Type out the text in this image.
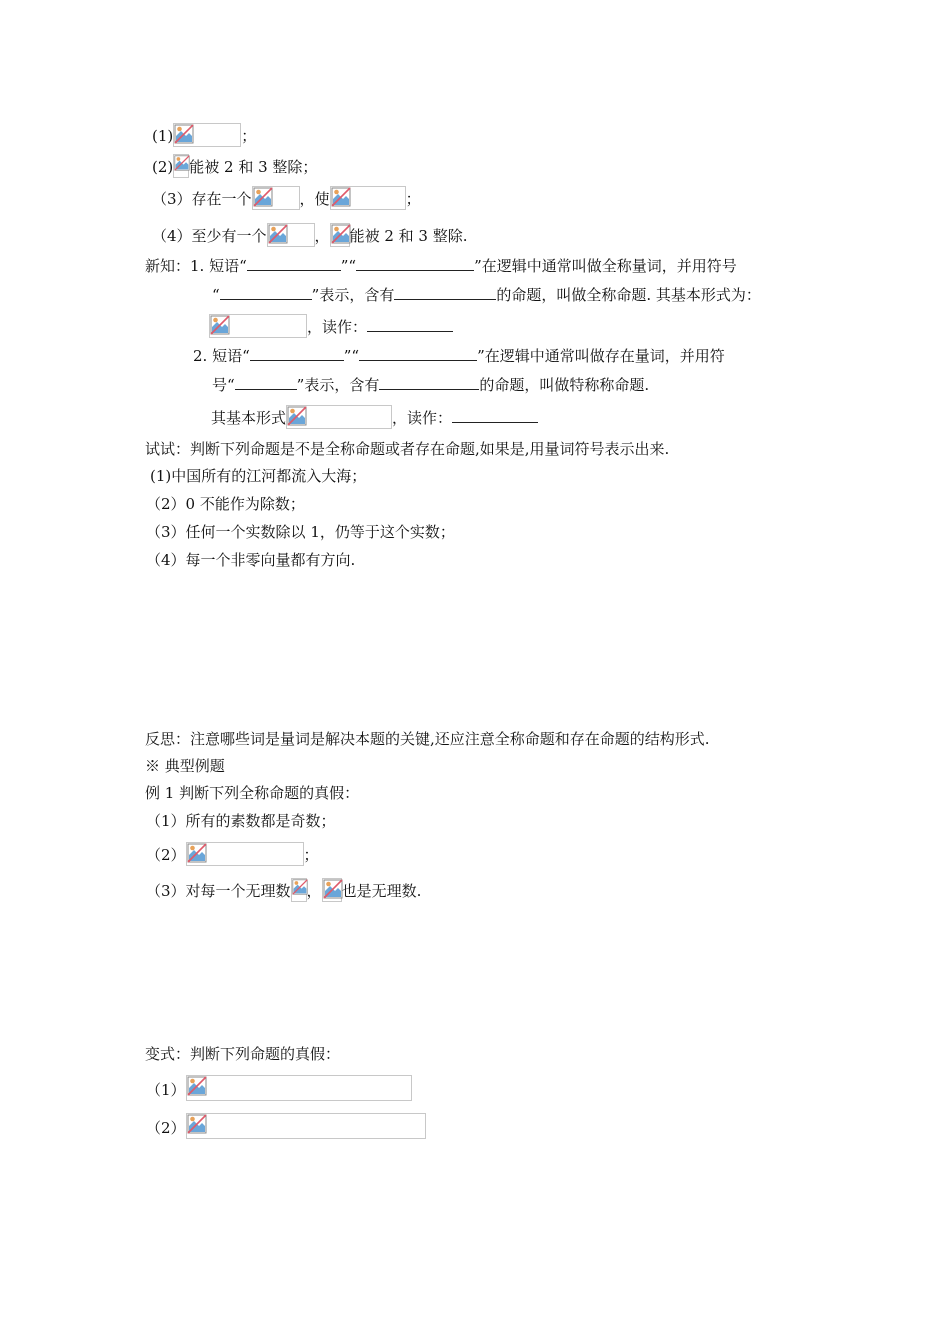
(1)	；
(2) 能被 2 和 3 整除；
（3）存在一个	，使	；
（4）至少有一个	， 能被 2 和 3 整除.
新知：1. 短语“	”“	”在逻辑中通常叫做全称量词，并用符号
“	”表示，含有	的命题，叫做全称命题. 其基本形式为：
，读作：
2. 短语“	”“	”在逻辑中通常叫做存在量词，并用符
号“	”表示，含有	的命题，叫做特称称命题.
其基本形式	，读作：
试试：判断下列命题是不是全称命题或者存在命题,如果是,用量词符号表示出来.
(1)中国所有的江河都流入大海；
（2）0 不能作为除数；
（3）任何一个实数除以 1，仍等于这个实数；
（4）每一个非零向量都有方向.
反思：注意哪些词是量词是解决本题的关键,还应注意全称命题和存在命题的结构形式.
※ 典型例题
例 1 判断下列全称命题的真假：
（1）所有的素数都是奇数；
（2）	；
（3）对每一个无理数 ， 也是无理数.
变式：判断下列命题的真假：
（1）
（2）
